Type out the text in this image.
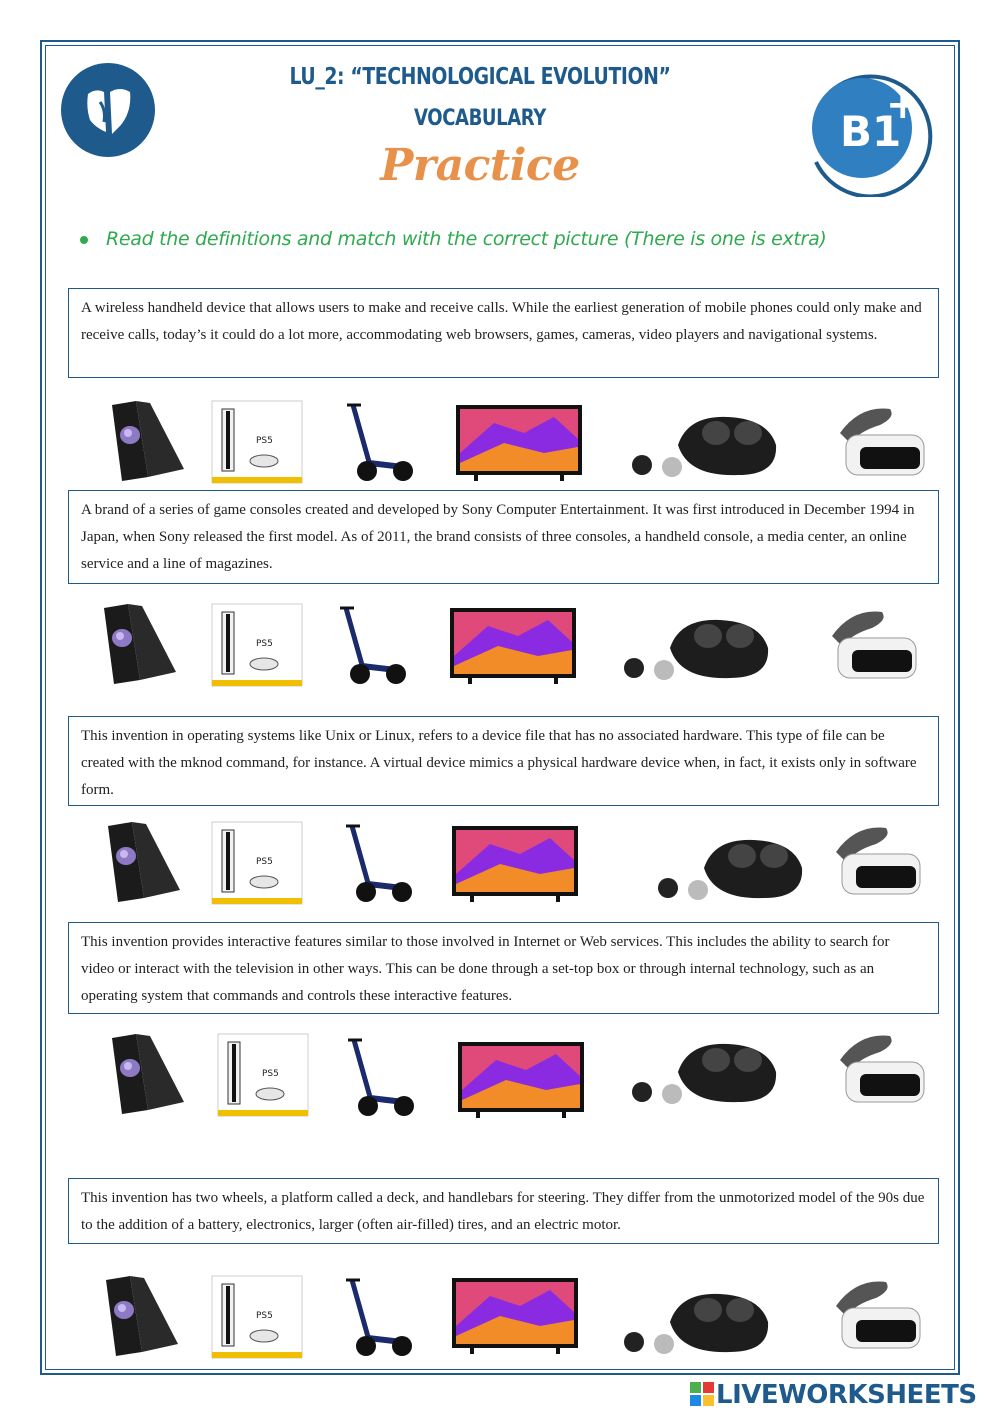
B1
+
LU_2: “TECHNOLOGICAL EVOLUTION”
VOCABULARY
Practice
Read the definitions and match with the correct picture (There is one is extra)
A wireless handheld device that allows users to make and receive calls. While the earliest generation of mobile phones could only make and receive calls, today’s it could do a lot more, accommodating web browsers, games, cameras, video players and navigational systems.
PS5
A brand of a series of game consoles created and developed by Sony Computer Entertainment. It was first introduced in December 1994 in Japan, when Sony released the first model. As of 2011, the brand consists of three consoles, a handheld console, a media center, an online service and a line of magazines.
PS5
This invention in operating systems like Unix or Linux, refers to a device file that has no associated hardware. This type of file can be created with the mknod command, for instance. A virtual device mimics a physical hardware device when, in fact, it exists only in software form.
PS5
This invention provides interactive features similar to those involved in Internet or Web services. This includes the ability to search for video or interact with the television in other ways. This can be done through a set-top box or through internal technology, such as an operating system that commands and controls these interactive features.
PS5
This invention has two wheels, a platform called a deck, and handlebars for steering. They differ from the unmotorized model of the 90s due to the addition of a battery, electronics, larger (often air-filled) tires, and an electric motor.
PS5
LIVEWORKSHEETS
